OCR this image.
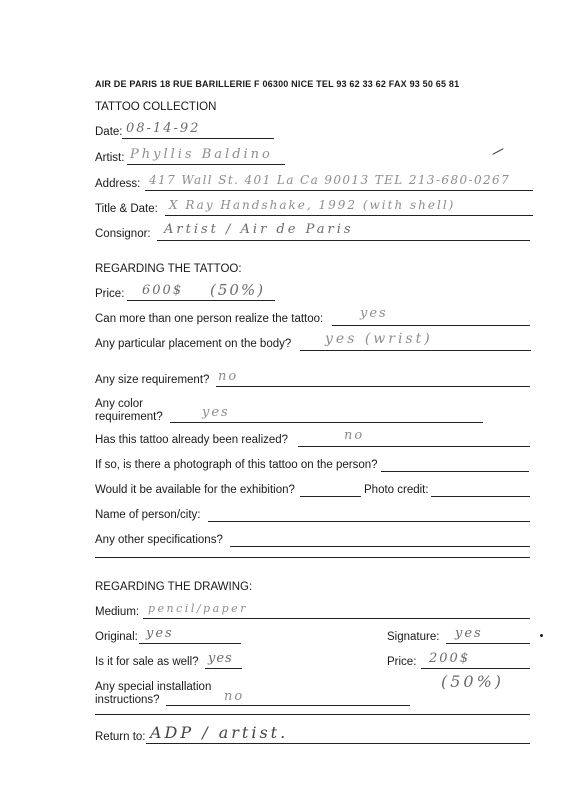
AIR DE PARIS 18 RUE BARILLERIE F 06300 NICE TEL 93 62 33 62 FAX 93 50 65 81
TATTOO COLLECTION
Date: 08-14-92
Artist: Phyllis Baldino
Address: 417 Wall St. 401 La Ca 90013 TEL 213-680-0267
Title & Date: X Ray Handshake, 1992 (with shell)
Consignor: Artist / Air de Paris
REGARDING THE TATTOO:
Price: 600$ (50%)
Can more than one person realize the tattoo:	yes
Any particular placement on the body? yes (wrist)
Any size requirement? no
Any color
requirement?	yes
Has this tattoo already been realized?	no
If so, is there a photograph of this tattoo on the person?
Would it be available for the exhibition?	Photo credit:
Name of person/city:
Any other specifications?
REGARDING THE DRAWING:
Medium: pencil/paper
Original: yes	Signature: yes
Is it for sale as well? yes	Price: 200$
(50%)
Any special installation
instructions?	no
Return to: ADP / artist.
